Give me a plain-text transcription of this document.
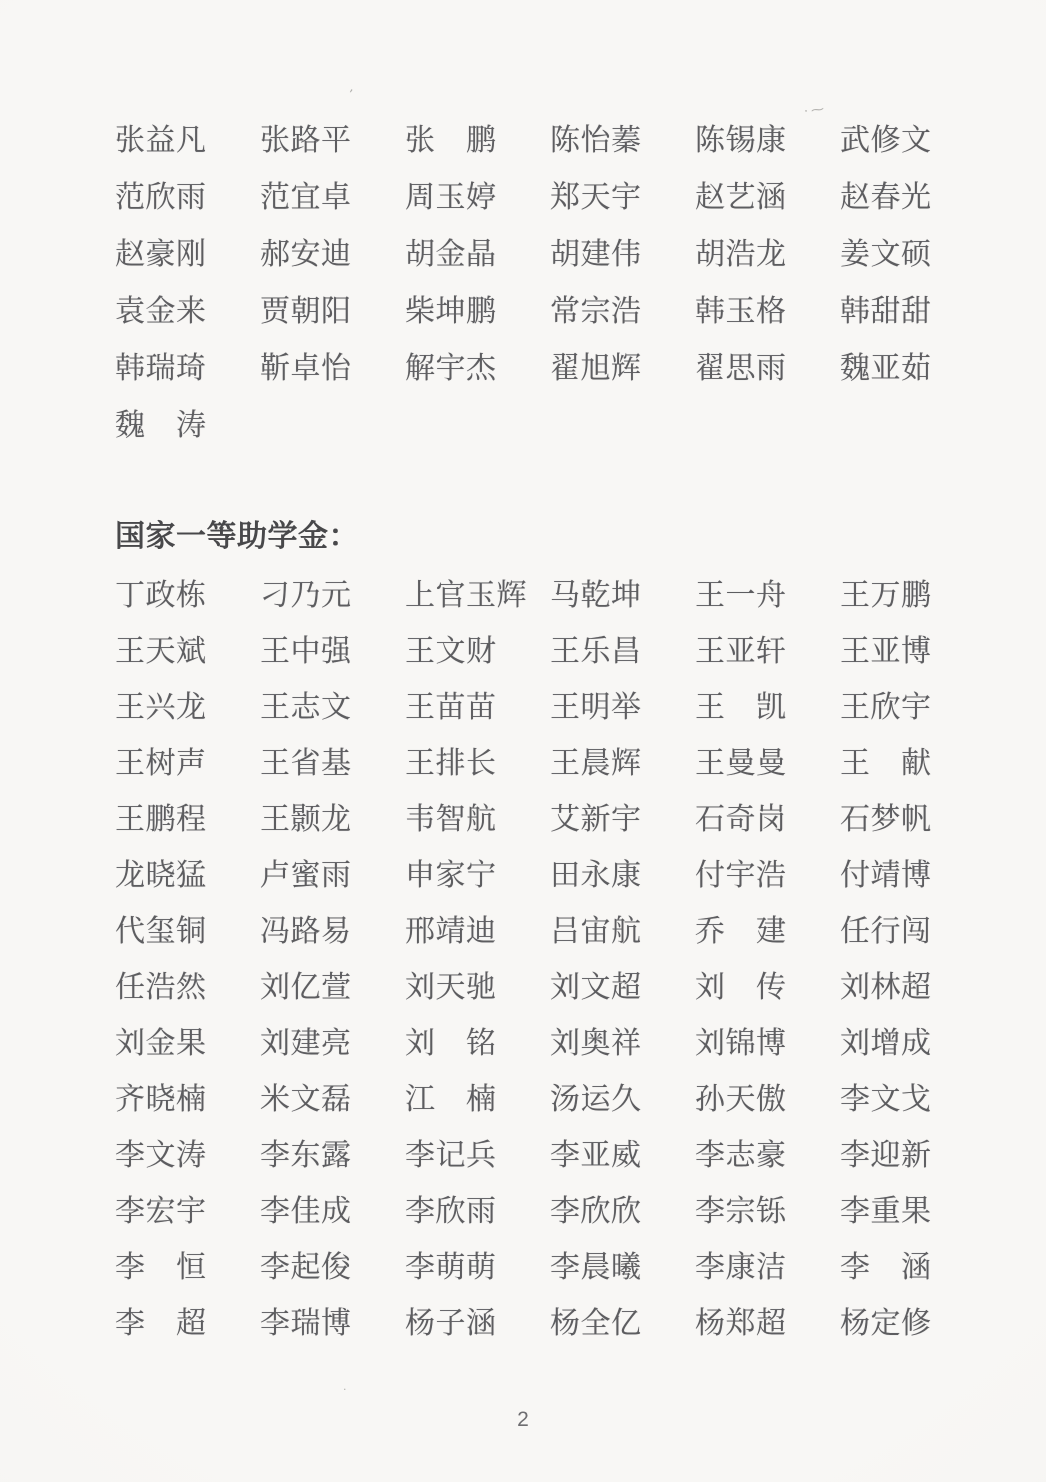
·⁓
‚
·
张益凡	张路平	张　鹏	陈怡蓁	陈锡康	武修文
范欣雨	范宜卓	周玉婷	郑天宇	赵艺涵	赵春光
赵豪刚	郝安迪	胡金晶	胡建伟	胡浩龙	姜文硕
袁金来	贾朝阳	柴坤鹏	常宗浩	韩玉格	韩甜甜
韩瑞琦	靳卓怡	解宇杰	翟旭辉	翟思雨	魏亚茹
魏　涛
国家一等助学金：
丁政栋	刁乃元	上官玉辉 马乾坤	王一舟	王万鹏
王天斌	王中强	王文财	王乐昌	王亚轩	王亚博
王兴龙	王志文	王苗苗	王明举	王　凯	王欣宇
王树声	王省基	王排长	王晨辉	王曼曼	王　献
王鹏程	王颢龙	韦智航	艾新宇	石奇岗	石梦帆
龙晓猛	卢蜜雨	申家宁	田永康	付宇浩	付靖博
代玺铜	冯路易	邢靖迪	吕宙航	乔　建	任行闯
任浩然	刘亿萱	刘天驰	刘文超	刘　传	刘林超
刘金果	刘建亮	刘　铭	刘奥祥	刘锦博	刘增成
齐晓楠	米文磊	江　楠	汤运久	孙天傲	李文戈
李文涛	李东露	李记兵	李亚威	李志豪	李迎新
李宏宇	李佳成	李欣雨	李欣欣	李宗铄	李重果
李　恒	李起俊	李萌萌	李晨曦	李康洁	李　涵
李　超	李瑞博	杨子涵	杨全亿	杨郑超	杨定修
2
